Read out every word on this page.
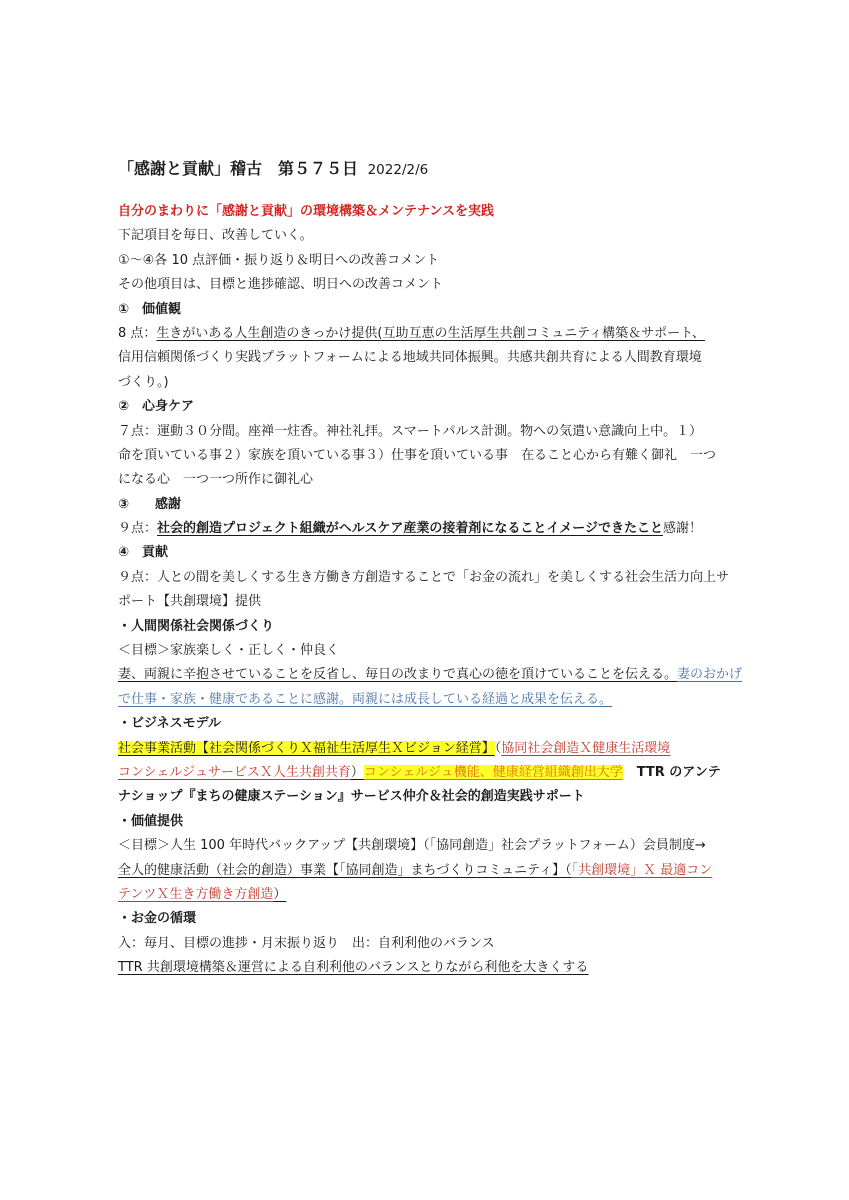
「感謝と貢献」稽古　第５７５日 2022/2/6
自分のまわりに「感謝と貢献」の環境構築＆メンテナンスを実践
下記項目を毎日、改善していく。
①～④各 10 点評価・振り返り＆明日への改善コメント
その他項目は、目標と進捗確認、明日への改善コメント
①　価値観
8 点：生きがいある人生創造のきっかけ提供(互助互恵の生活厚生共創コミュニティ構築＆サポート、
信用信頼関係づくり実践プラットフォームによる地域共同体振興。共感共創共育による人間教育環境
づくり。)
②　心身ケア
７点：運動３０分間。座禅一炷香。神社礼拝。スマートパルス計測。物への気遣い意識向上中。１）
命を頂いている事２）家族を頂いている事３）仕事を頂いている事　在ること心から有難く御礼　一つ
になる心　一つ一つ所作に御礼心
③　　感謝
９点：社会的創造プロジェクト組織がヘルスケア産業の接着剤になることイメージできたこと感謝！
④　貢献
９点：人との間を美しくする生き方働き方創造することで「お金の流れ」を美しくする社会生活力向上サ
ポート【共創環境】提供
・人間関係社会関係づくり
＜目標＞家族楽しく・正しく・仲良く
妻、両親に辛抱させていることを反省し、毎日の改まりで真心の徳を頂けていることを伝える。妻のおかげ
で仕事・家族・健康であることに感謝。両親には成長している経過と成果を伝える。
・ビジネスモデル
社会事業活動【社会関係づくりＸ福祉生活厚生Ｘビジョン経営】（協同社会創造Ｘ健康生活環境
コンシェルジュサービスＸ人生共創共育）コンシェルジュ機能、健康経営組織創出大学 TTR のアンテ
ナショップ『まちの健康ステーション』サービス仲介＆社会的創造実践サポート
・価値提供
＜目標＞人生 100 年時代バックアップ【共創環境】（「協同創造」社会プラットフォーム）会員制度→
全人的健康活動（社会的創造）事業【「協同創造」まちづくりコミュニティ】（「共創環境」Ｘ 最適コン
テンツＸ生き方働き方創造）
・お金の循環
入：毎月、目標の進捗・月末振り返り　出：自利利他のバランス
TTR 共創環境構築＆運営による自利利他のバランスとりながら利他を大きくする
